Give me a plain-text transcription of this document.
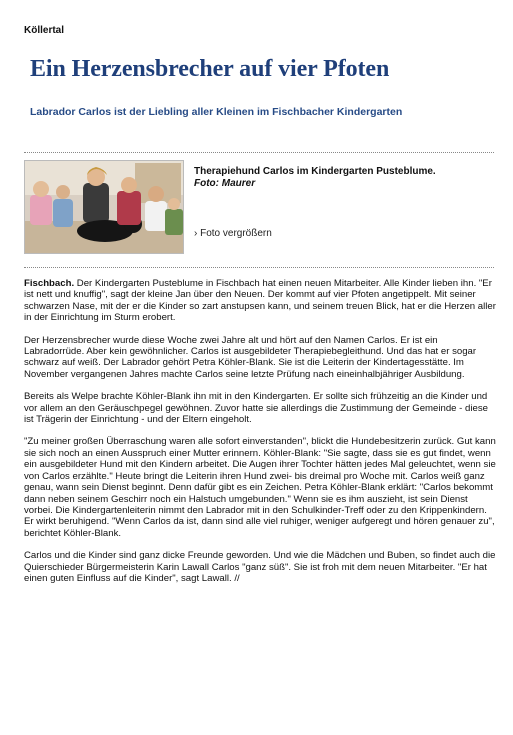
Köllertal
Ein Herzensbrecher auf vier Pfoten
Labrador Carlos ist der Liebling aller Kleinen im Fischbacher Kindergarten
Therapiehund Carlos im Kindergarten Pusteblume.
Foto: Maurer
› Foto vergrößern

Fischbach. Der Kindergarten Pusteblume in Fischbach hat einen neuen Mitarbeiter. Alle Kinder lieben ihn. "Er ist nett und knuffig", sagt der kleine Jan über den Neuen. Der kommt auf vier Pfoten angetippelt. Mit seiner schwarzen Nase, mit der er die Kinder so zart anstupsen kann, und seinem treuen Blick, hat er die Herzen aller in der Einrichtung im Sturm erobert.

Der Herzensbrecher wurde diese Woche zwei Jahre alt und hört auf den Namen Carlos. Er ist ein Labradorrüde. Aber kein gewöhnlicher. Carlos ist ausgebildeter Therapiebegleithund. Und das hat er sogar schwarz auf weiß. Der Labrador gehört Petra Köhler-Blank. Sie ist die Leiterin der Kindertagesstätte. Im November vergangenen Jahres machte Carlos seine letzte Prüfung nach eineinhalbjähriger Ausbildung.

Bereits als Welpe brachte Köhler-Blank ihn mit in den Kindergarten. Er sollte sich frühzeitig an die Kinder und vor allem an den Geräuschpegel gewöhnen. Zuvor hatte sie allerdings die Zustimmung der Gemeinde - diese ist Trägerin der Einrichtung - und der Eltern eingeholt.

"Zu meiner großen Überraschung waren alle sofort einverstanden", blickt die Hundebesitzerin zurück. Gut kann sie sich noch an einen Ausspruch einer Mutter erinnern. Köhler-Blank: "Sie sagte, dass sie es gut findet, wenn ein ausgebildeter Hund mit den Kindern arbeitet. Die Augen ihrer Tochter hätten jedes Mal geleuchtet, wenn sie von Carlos erzählte." Heute bringt die Leiterin ihren Hund zwei- bis dreimal pro Woche mit. Carlos weiß ganz genau, wann sein Dienst beginnt. Denn dafür gibt es ein Zeichen. Petra Köhler-Blank erklärt: "Carlos bekommt dann neben seinem Geschirr noch ein Halstuch umgebunden." Wenn sie es ihm auszieht, ist sein Dienst vorbei. Die Kindergartenleiterin nimmt den Labrador mit in den Schulkinder-Treff oder zu den Krippenkindern. Er wirkt beruhigend. "Wenn Carlos da ist, dann sind alle viel ruhiger, weniger aufgeregt und hören genauer zu", berichtet Köhler-Blank.

Carlos und die Kinder sind ganz dicke Freunde geworden. Und wie die Mädchen und Buben, so findet auch die Quierschieder Bürgermeisterin Karin Lawall Carlos "ganz süß". Sie ist froh mit dem neuen Mitarbeiter. "Er hat einen guten Einfluss auf die Kinder", sagt Lawall. //
